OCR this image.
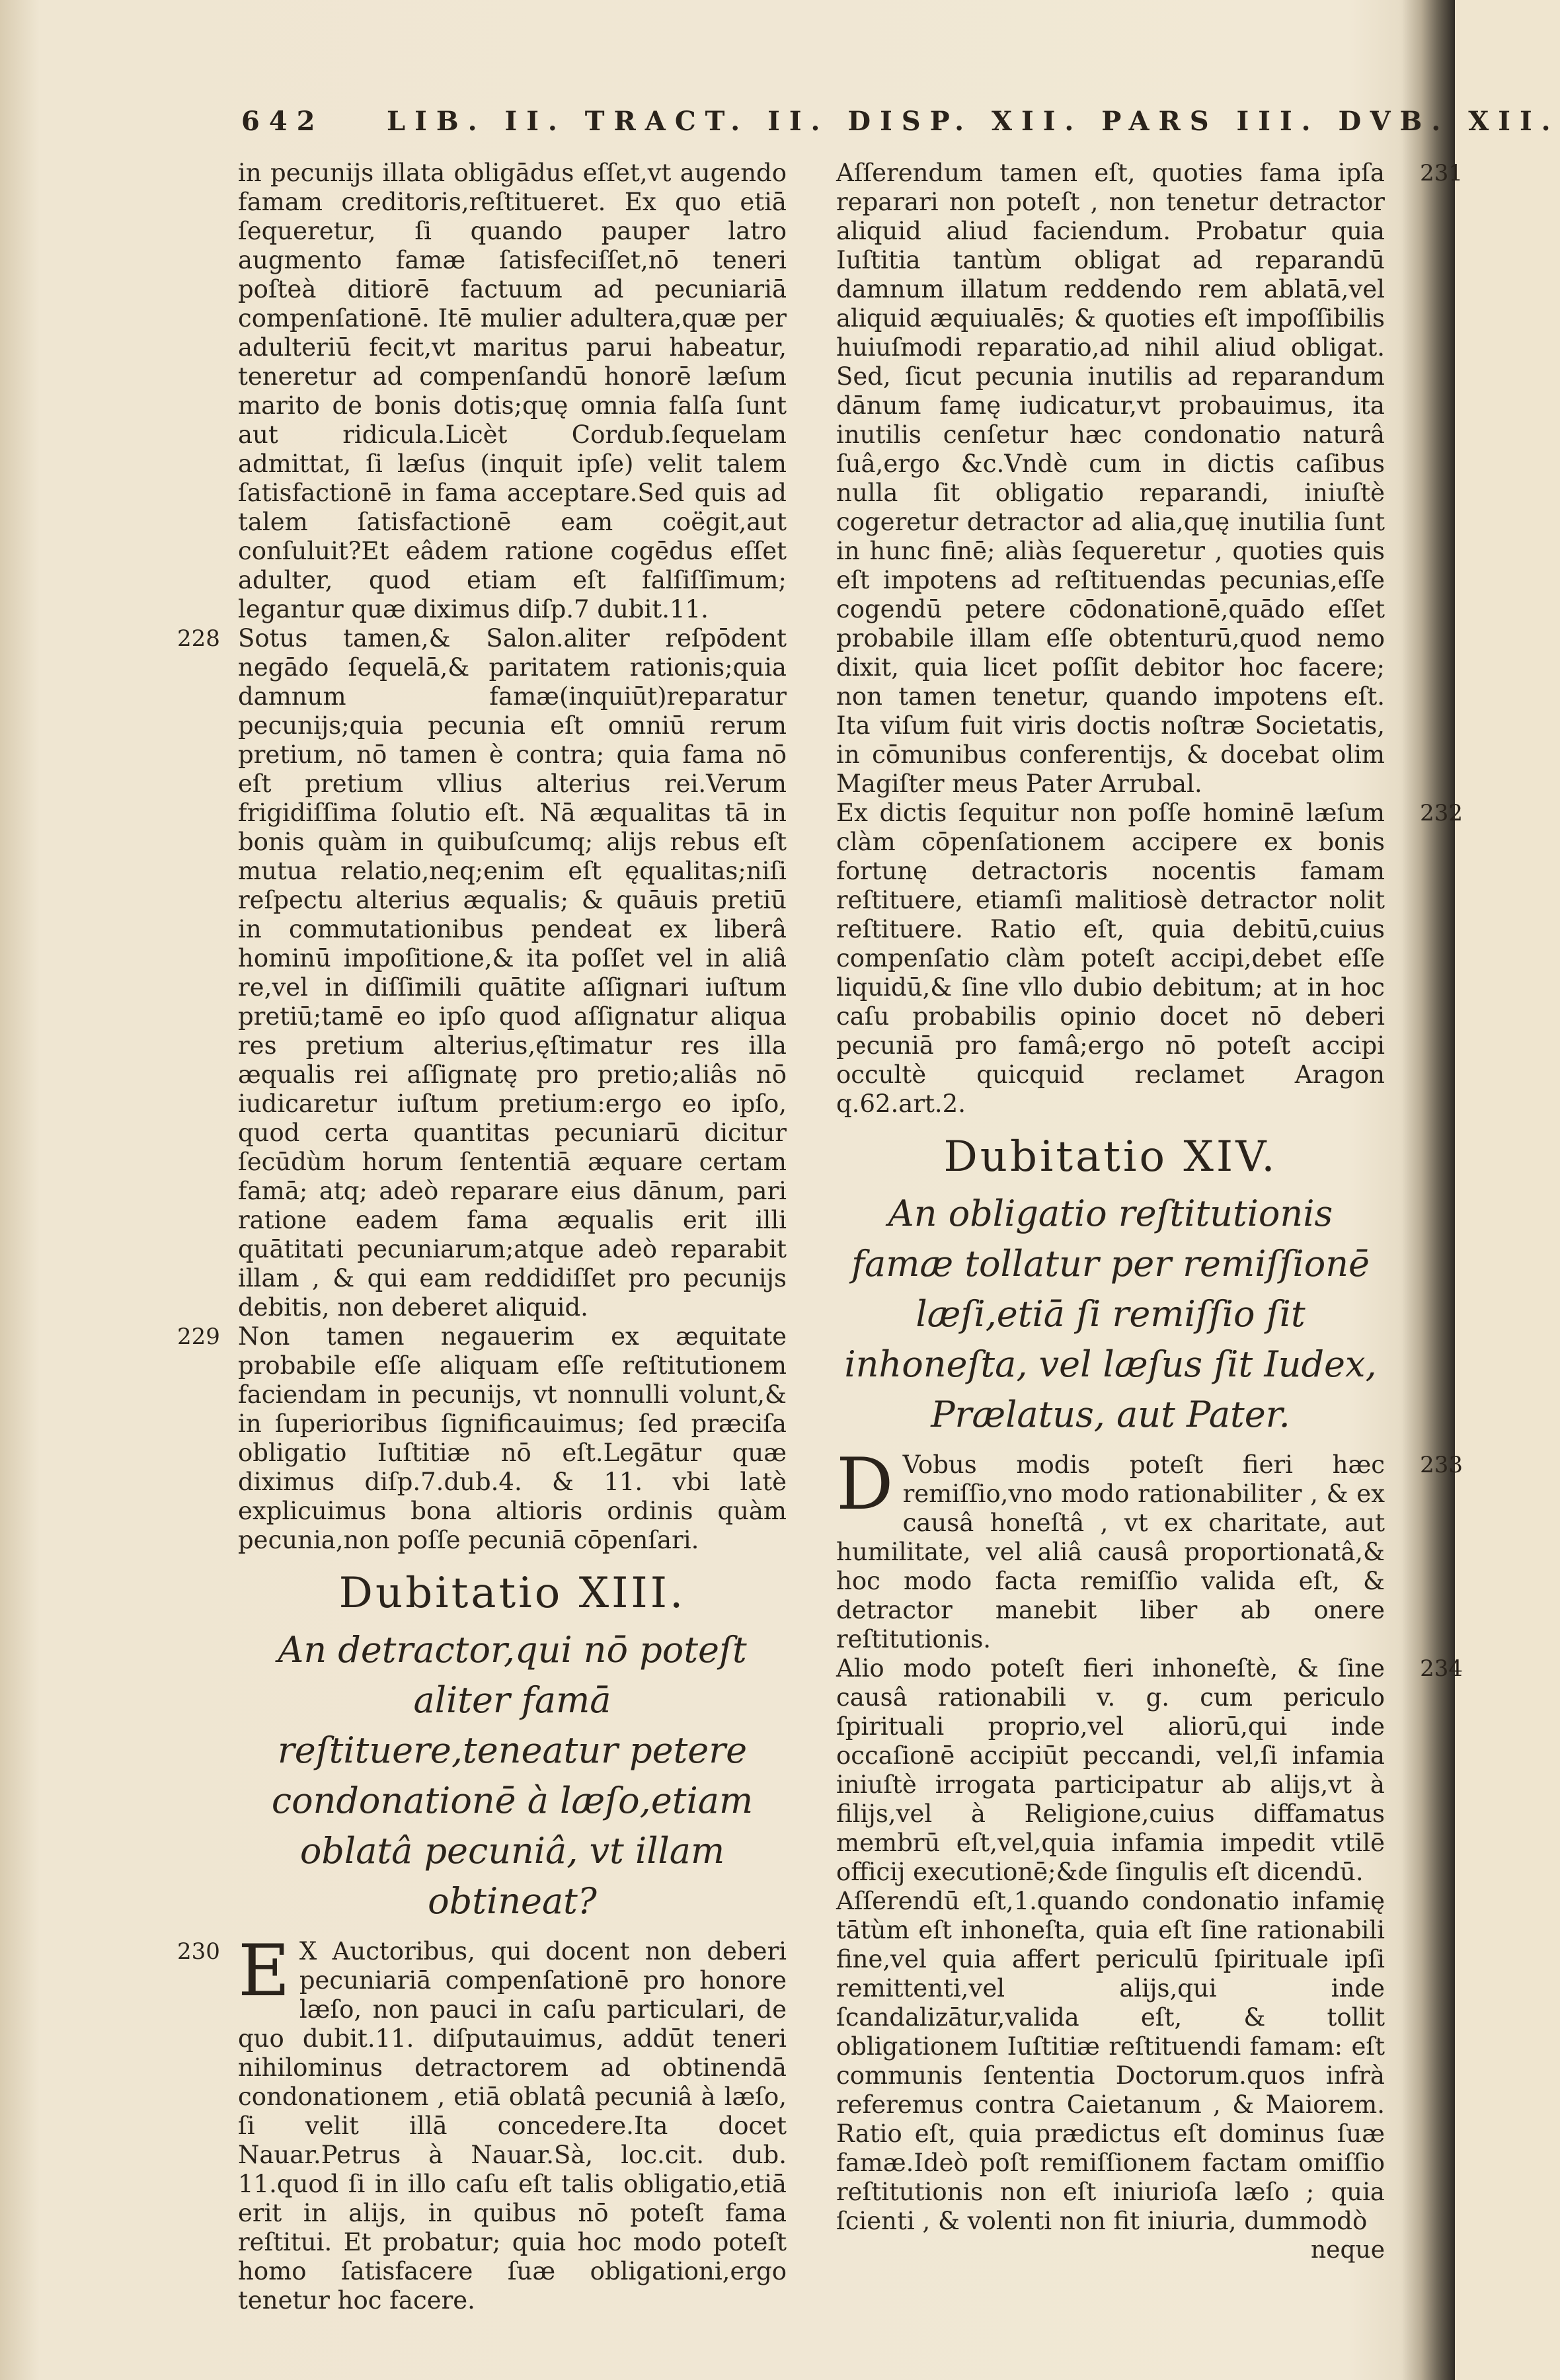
642 LIB. II. TRACT. II. DISP. XII. PARS III. DVB. XII.

in pecunijs illata obligādus eſſet,vt augendo famam creditoris,reſtitueret. Ex quo etiā ſequeretur, ſi quando pauper latro augmento famæ ſatisfeciſſet,nō teneri poſteà ditiorē factuum ad pecuniariā compenſationē. Itē mulier adultera,quæ per adulteriū fecit,vt maritus parui habeatur, teneretur ad compenſandū honorē læſum marito de bonis dotis;quę omnia falſa ſunt aut ridicula.Licèt Cordub.ſequelam admittat, ſi læſus (inquit ipſe) velit talem ſatisfactionē in fama acceptare.Sed quis ad talem ſatisfactionē eam coëgit,aut conſuluit?Et eâdem ratione cogēdus eſſet adulter, quod etiam eſt falſiſſimum; legantur quæ diximus diſp.7 dubit.11.

228 Sotus tamen,& Salon.aliter reſpōdent negādo ſequelā,& paritatem rationis;quia damnum famæ(inquiūt)reparatur pecunijs;quia pecunia eſt omniū rerum pretium, nō tamen è contra; quia fama nō eſt pretium vllius alterius rei.Verum frigidiſſima ſolutio eſt. Nā æqualitas tā in bonis quàm in quibuſcumq; alijs rebus eſt mutua relatio,neq;enim eſt ęqualitas;niſi reſpectu alterius æqualis; & quāuis pretiū in commutationibus pendeat ex liberâ hominū impoſitione,& ita poſſet vel in aliâ re,vel in diſſimili quātite aſſignari iuſtum pretiū;tamē eo ipſo quod aſſignatur aliqua res pretium alterius,ęſtimatur res illa æqualis rei aſſignatę pro pretio;aliâs nō iudicaretur iuſtum pretium:ergo eo ipſo, quod certa quantitas pecuniarū dicitur ſecūdùm horum ſententiā æquare certam famā; atq; adeò reparare eius dānum, pari ratione eadem fama æqualis erit illi quātitati pecuniarum;atque adeò reparabit illam , & qui eam reddidiſſet pro pecunijs debitis, non deberet aliquid.

229 Non tamen negauerim ex æquitate probabile eſſe aliquam eſſe reſtitutionem faciendam in pecunijs, vt nonnulli volunt,& in ſuperioribus ſignificauimus; ſed præciſa obligatio Iuſtitiæ nō eſt.Legātur quæ diximus diſp.7.dub.4. & 11. vbi latè explicuimus bona altioris ordinis quàm pecunia,non poſſe pecuniā cōpenſari.

Dubitatio XIII.
An detractor,qui nō poteſt aliter famā reſtituere,teneatur petere condonationē à læſo,etiam oblatâ pecuniâ, vt illam obtineat?
230 E X Auctoribus, qui docent non deberi pecuniariā compenſationē pro honore læſo, non pauci in caſu particulari, de quo dubit.11. diſputauimus, addūt teneri nihilominus detractorem ad obtinendā condonationem , etiā oblatâ pecuniâ à læſo, ſi velit illā concedere.Ita docet Nauar.Petrus à Nauar.Sà, loc.cit. dub. 11.quod ſi in illo caſu eſt talis obligatio,etiā erit in alijs, in quibus nō poteſt fama reſtitui. Et probatur; quia hoc modo poteſt homo ſatisfacere ſuæ obligationi,ergo tenetur hoc facere.

231

Aſſerendum tamen eſt, quoties fama ipſa reparari non poteſt , non tenetur detractor aliquid aliud faciendum. Probatur quia Iuſtitia tantùm obligat ad reparandū damnum illatum reddendo rem ablatā,vel aliquid æquiualēs; & quoties eſt impoſſibilis huiuſmodi reparatio,ad nihil aliud obligat. Sed, ſicut pecunia inutilis ad reparandum dānum famę iudicatur,vt probauimus, ita inutilis cenſetur hæc condonatio naturâ ſuâ,ergo &c.Vndè cum in dictis caſibus nulla ſit obligatio reparandi, iniuſtè cogeretur detractor ad alia,quę inutilia ſunt in hunc finē; aliàs ſequeretur , quoties quis eſt impotens ad reſtituendas pecunias,eſſe cogendū petere cōdonationē,quādo eſſet probabile illam eſſe obtenturū,quod nemo dixit, quia licet poſſit debitor hoc facere; non tamen tenetur, quando impotens eſt. Ita viſum fuit viris doctis noſtræ Societatis, in cōmunibus conferentijs, & docebat olim Magiſter meus Pater Arrubal.

232

Ex dictis ſequitur non poſſe hominē læſum clàm cōpenſationem accipere ex bonis fortunę detractoris nocentis famam reſtituere, etiamſi malitiosè detractor nolit reſtituere. Ratio eſt, quia debitū,cuius compenſatio clàm poteſt accipi,debet eſſe liquidū,& ſine vllo dubio debitum; at in hoc caſu probabilis opinio docet nō deberi pecuniā pro famâ;ergo nō poteſt accipi occultè quicquid reclamet Aragon q.62.art.2.

Dubitatio XIV.
An obligatio reſtitutionis famæ tollatur per remiſſionē læſi,etiā ſi remiſſio ſit inhoneſta, vel læſus ſit Iudex, Prælatus, aut Pater.
233
D Vobus modis poteſt fieri hæc remiſſio,vno modo rationabiliter , & ex causâ honeſtâ , vt ex charitate, aut humilitate, vel aliâ causâ proportionatâ,& hoc modo facta remiſſio valida eſt, & detractor manebit liber ab onere reſtitutionis.

234

Alio modo poteſt fieri inhoneſtè, & ſine causâ rationabili v. g. cum periculo ſpirituali proprio,vel aliorū,qui inde occaſionē accipiūt peccandi, vel,ſi infamia iniuſtè irrogata participatur ab alijs,vt à filijs,vel à Religione,cuius diffamatus membrū eſt,vel,quia infamia impedit vtilē officij executionē;&de ſingulis eſt dicendū.

Aſſerendū eſt,1.quando condonatio infamię tātùm eſt inhoneſta, quia eſt ſine rationabili fine,vel quia affert periculū ſpirituale ipſi remittenti,vel alijs,qui inde ſcandalizātur,valida eſt, & tollit obligationem Iuſtitiæ reſtituendi famam: eſt communis ſententia Doctorum.quos infrà referemus contra Caietanum , & Maiorem. Ratio eſt, quia prædictus eſt dominus ſuæ famæ.Ideò poſt remiſſionem factam omiſſio reſtitutionis non eſt iniurioſa læſo ; quia ſcienti , & volenti non fit iniuria, dummodò

neque
